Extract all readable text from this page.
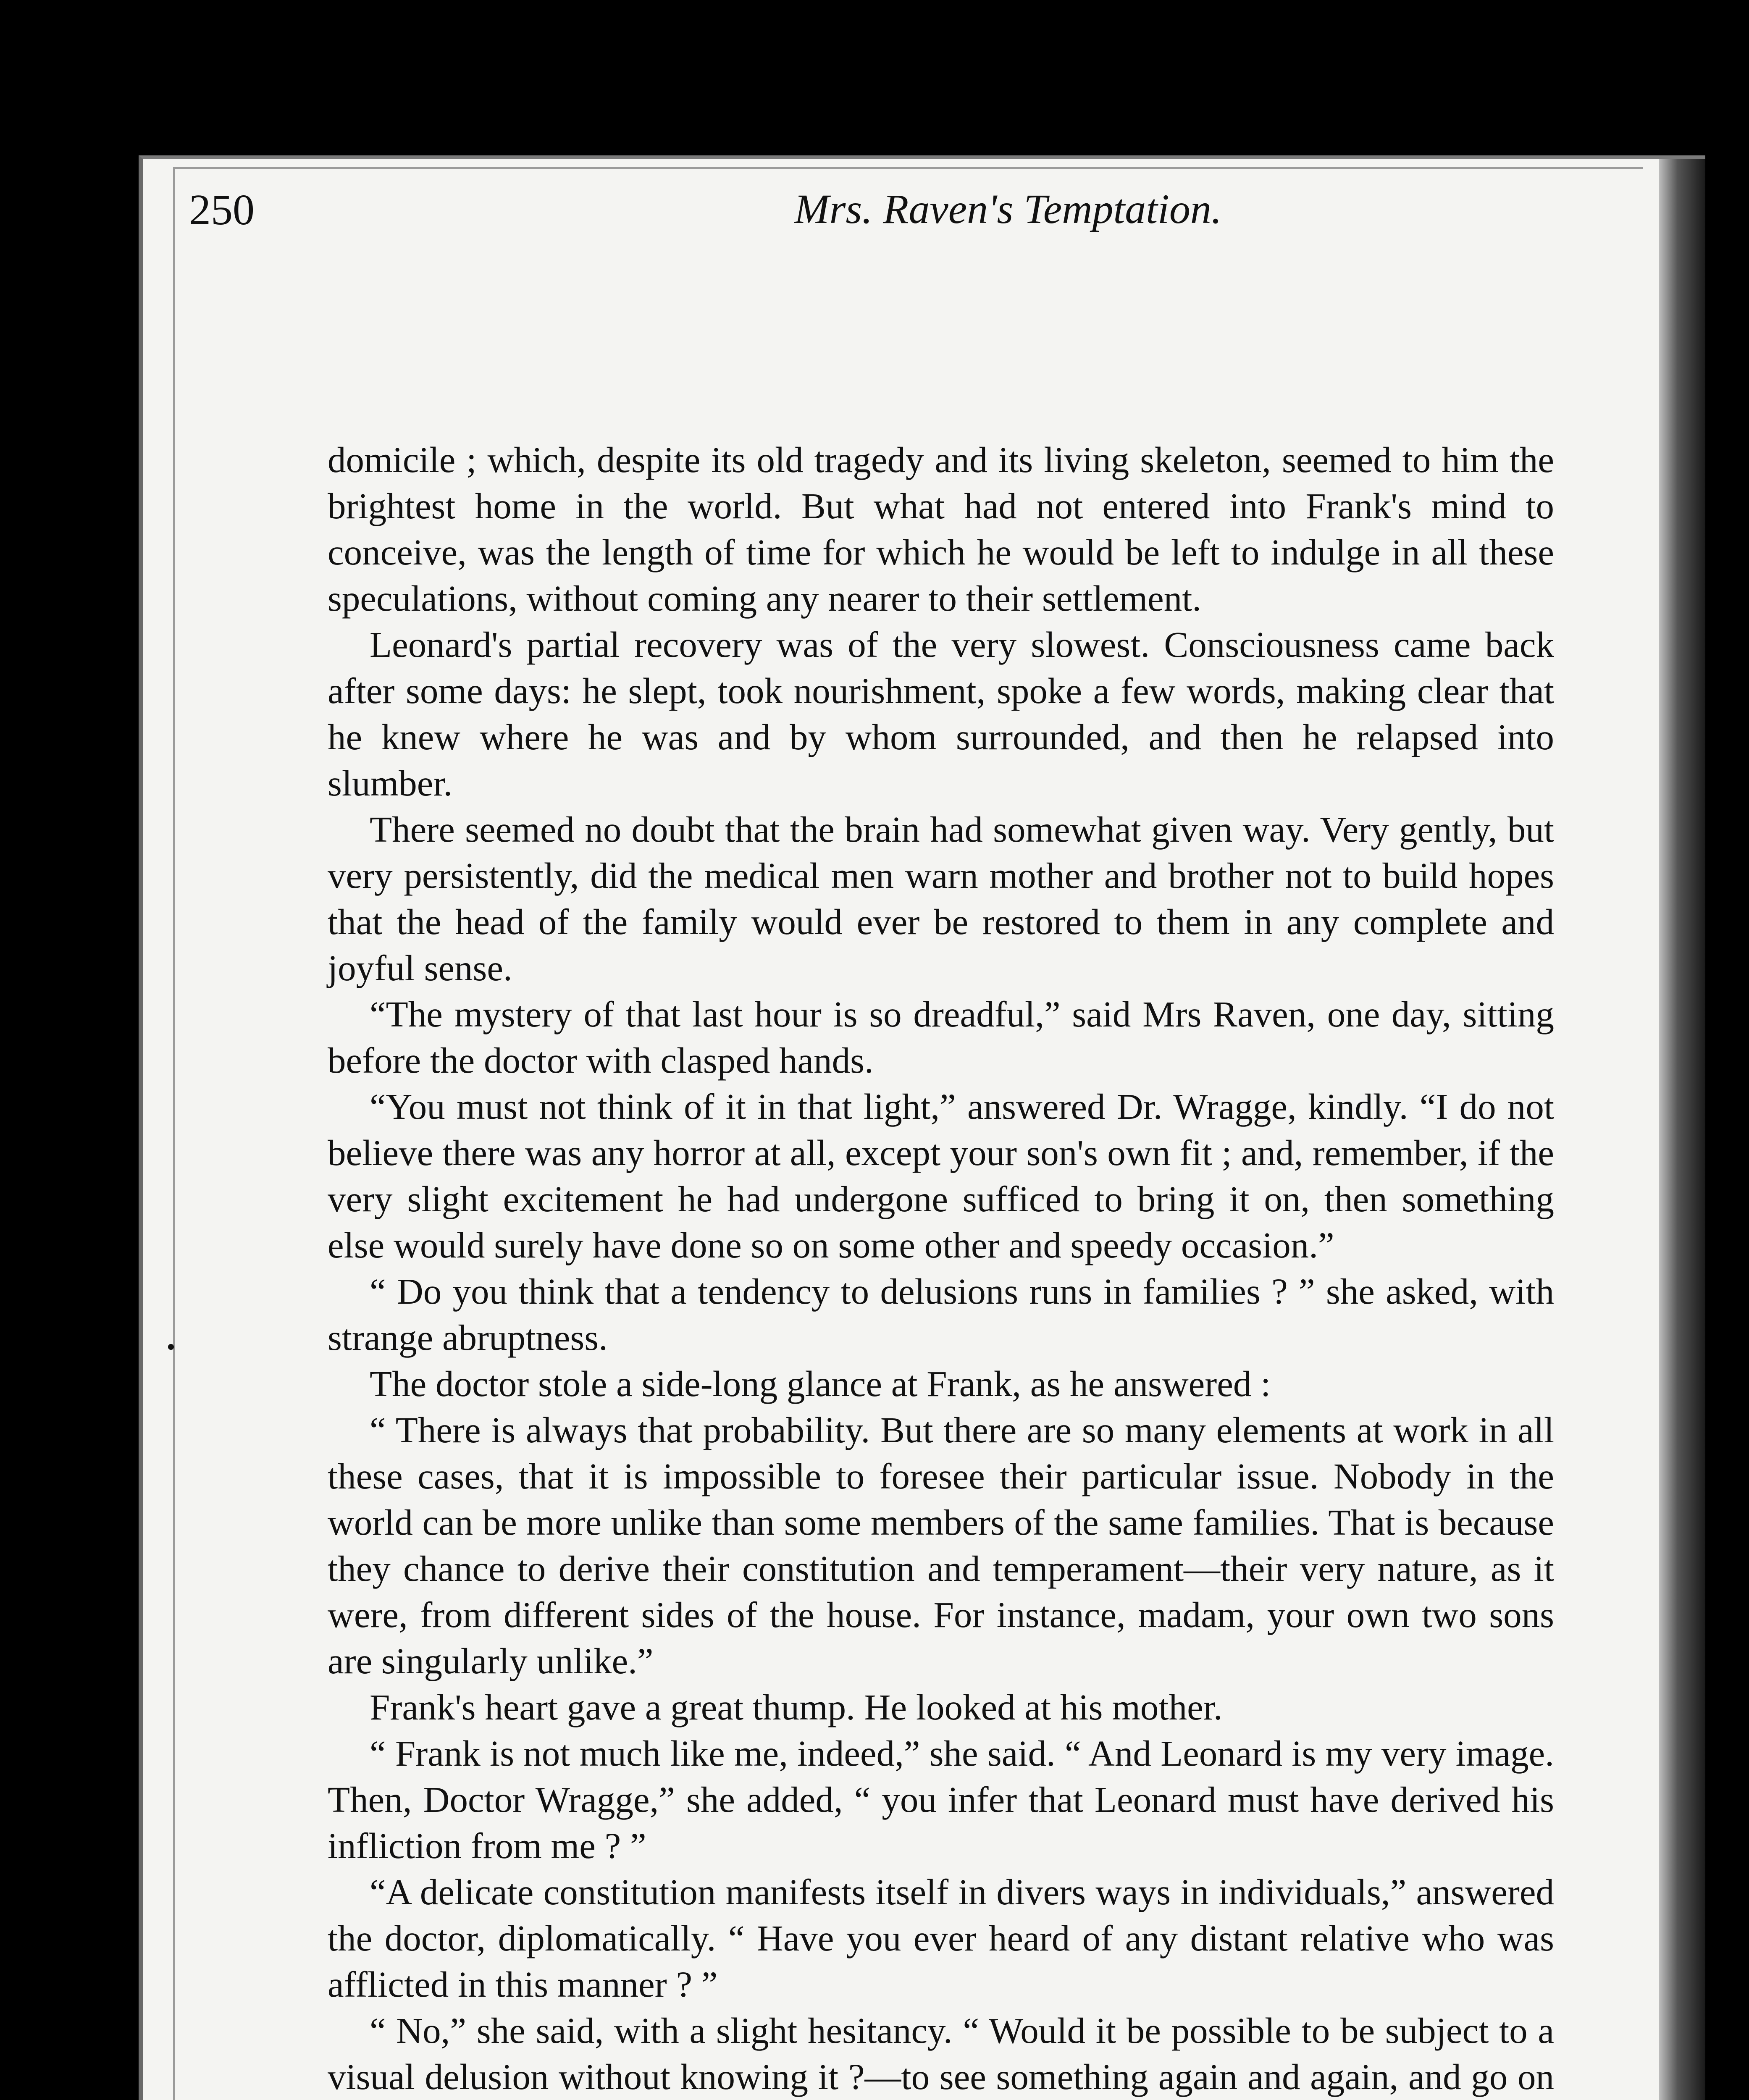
250	Mrs. Raven's Temptation.

domicile ; which, despite its old tragedy and its living skeleton, seemed to him the brightest home in the world. But what had not entered into Frank's mind to conceive, was the length of time for which he would be left to indulge in all these speculations, without coming any nearer to their settlement.

Leonard's partial recovery was of the very slowest. Consciousness came back after some days: he slept, took nourishment, spoke a few words, making clear that he knew where he was and by whom surrounded, and then he relapsed into slumber.

There seemed no doubt that the brain had somewhat given way. Very gently, but very persistently, did the medical men warn mother and brother not to build hopes that the head of the family would ever be restored to them in any complete and joyful sense.

“The mystery of that last hour is so dreadful,” said Mrs Raven, one day, sitting before the doctor with clasped hands.

“You must not think of it in that light,” answered Dr. Wragge, kindly. “I do not believe there was any horror at all, except your son's own fit ; and, remember, if the very slight excitement he had undergone sufficed to bring it on, then something else would surely have done so on some other and speedy occasion.”

“ Do you think that a tendency to delusions runs in families ? ” she asked, with strange abruptness.

The doctor stole a side-long glance at Frank, as he answered :

“ There is always that probability. But there are so many elements at work in all these cases, that it is impossible to foresee their particular issue. Nobody in the world can be more unlike than some members of the same families. That is because they chance to derive their constitution and temperament—their very nature, as it were, from different sides of the house. For instance, madam, your own two sons are singularly unlike.”

Frank's heart gave a great thump. He looked at his mother.

“ Frank is not much like me, indeed,” she said. “ And Leonard is my very image. Then, Doctor Wragge,” she added, “ you infer that Leonard must have derived his infliction from me ? ”

“A delicate constitution manifests itself in divers ways in individuals,” answered the doctor, diplomatically. “ Have you ever heard of any distant relative who was afflicted in this manner ? ”

“ No,” she said, with a slight hesitancy. “ Would it be possible to be subject to a visual delusion without knowing it ?—to see something again and again, and go on
